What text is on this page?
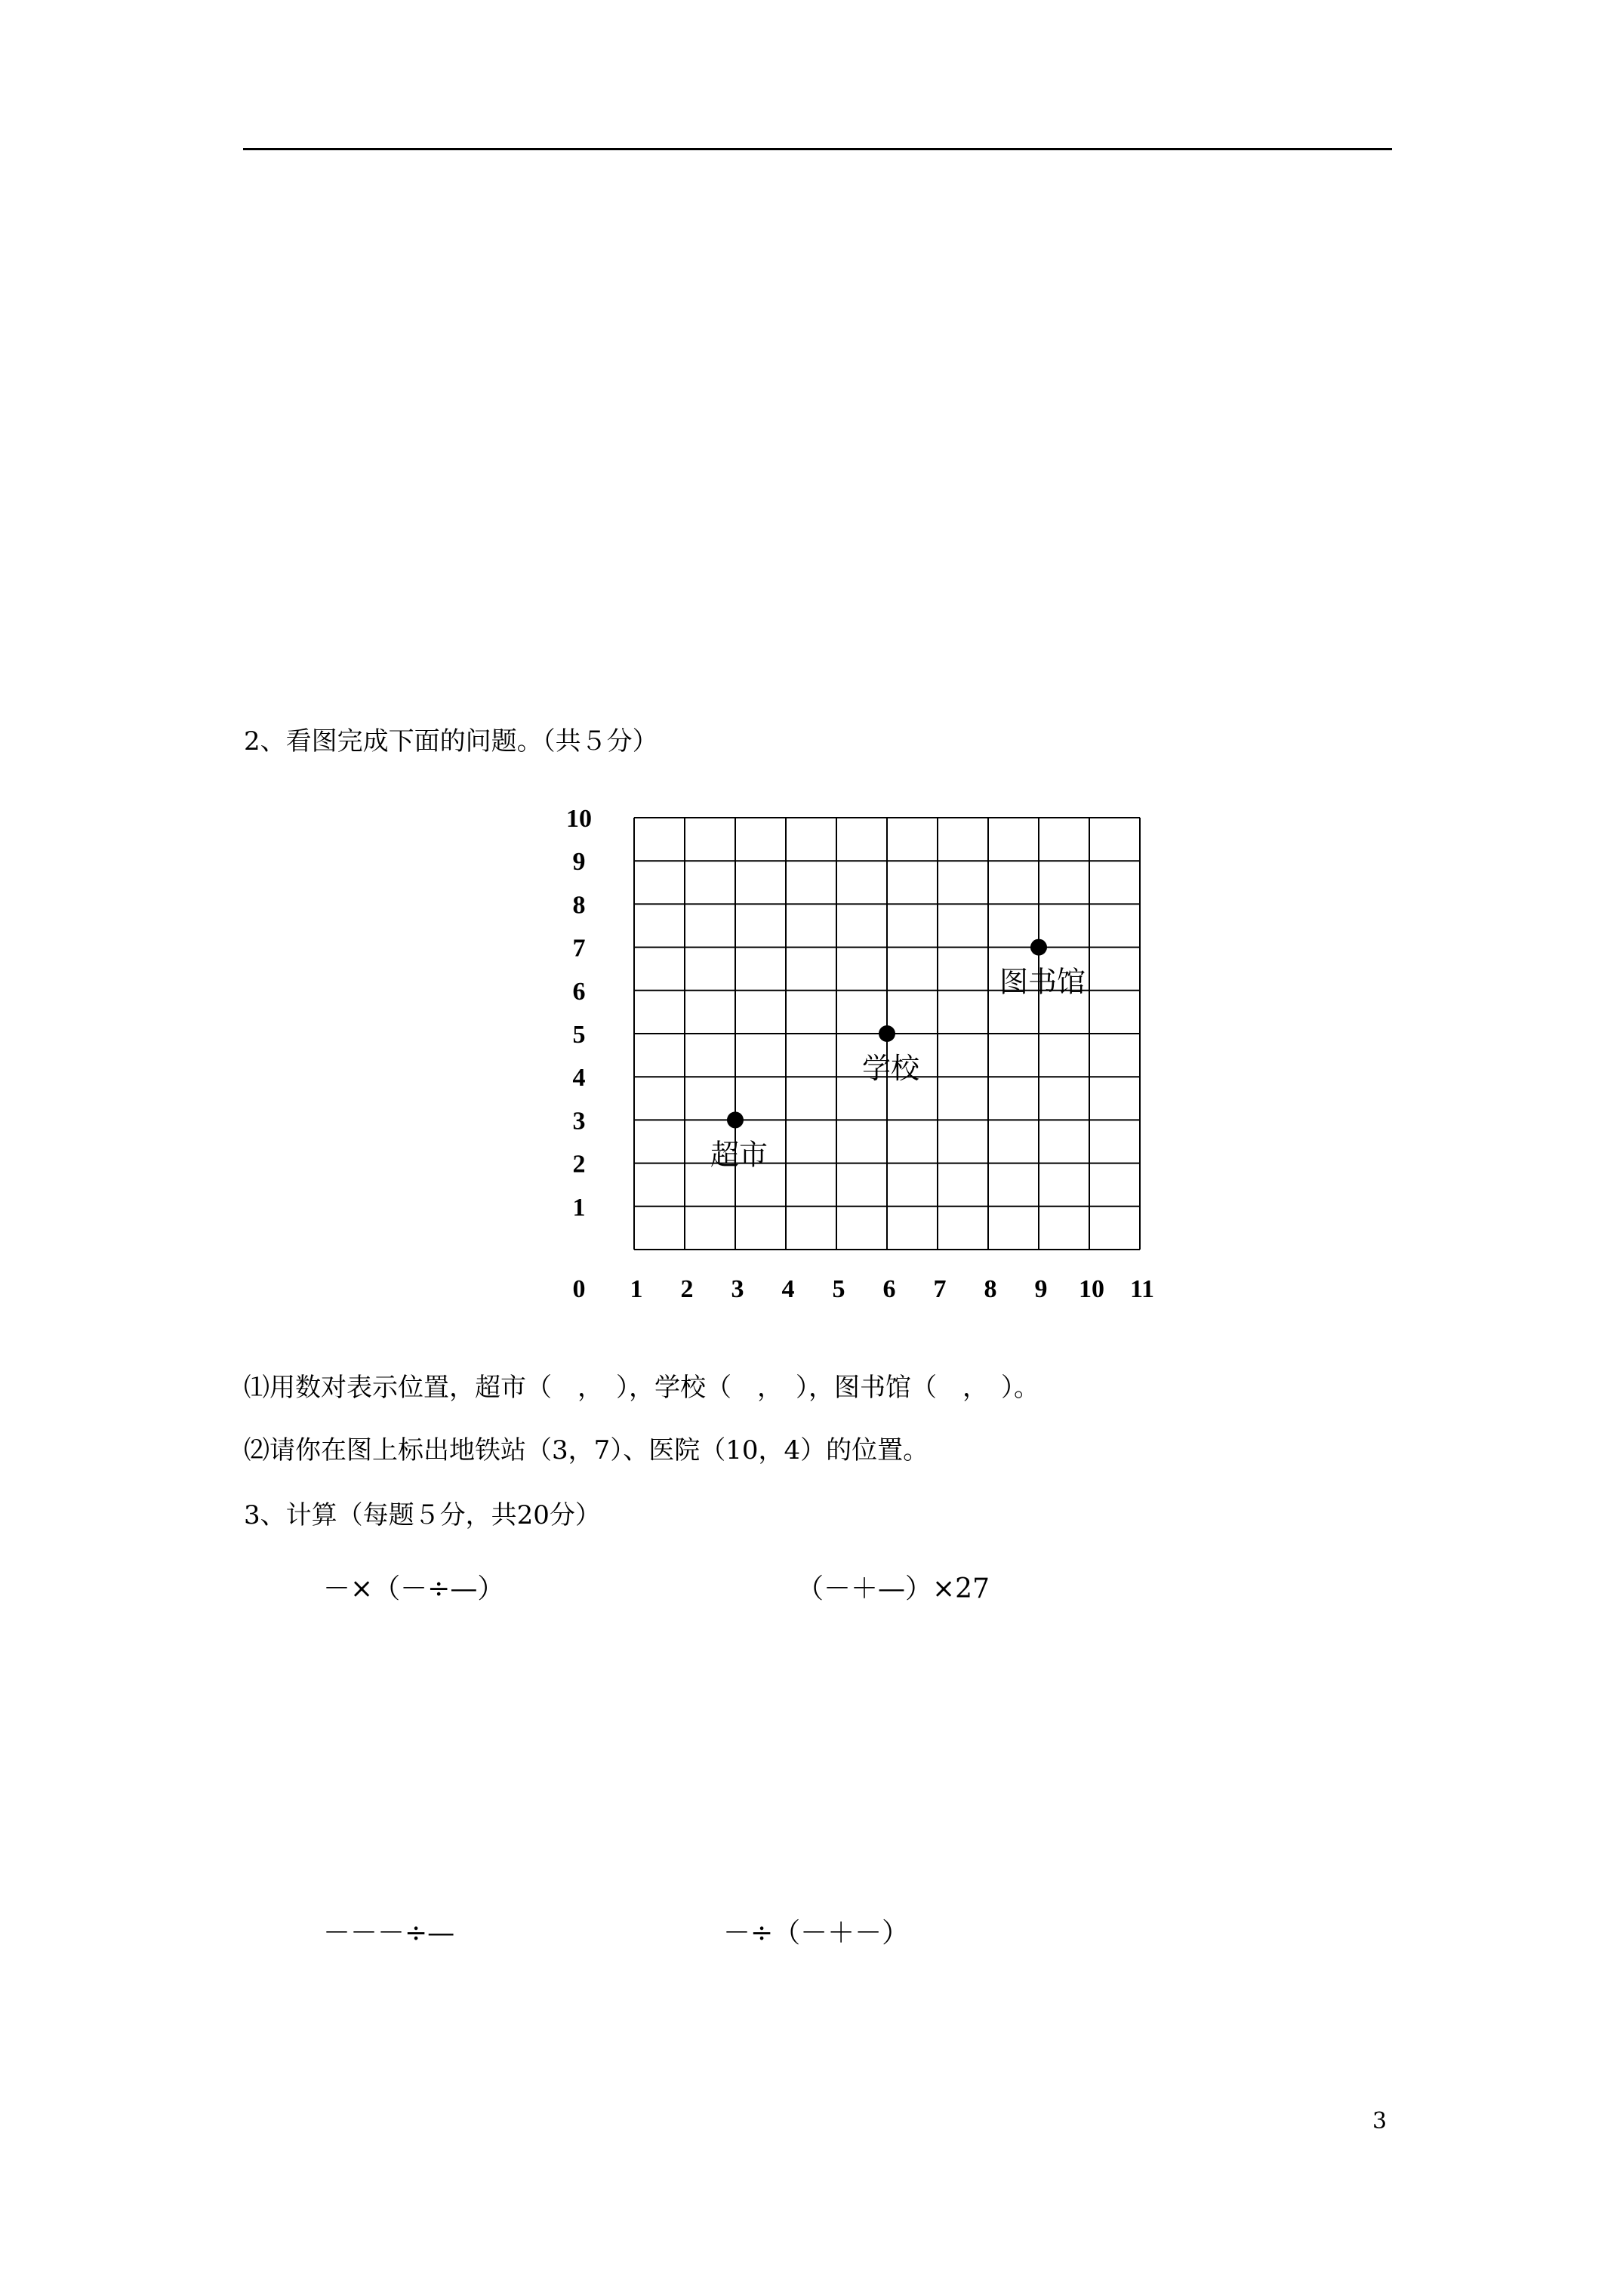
2、看图完成下面的问题。（共５分）
1
2
3
4
5
6
7
8
9
10
0 1 2 3 4 5 6 7 8 9 10 11
超市
学校
图书馆
⑴用数对表示位置，超市（　，　），学校（　，　），图书馆（　，　）。
⑵请你在图上标出地铁站（3，7）、医院（10，4）的位置。
3、计算（每题５分，共20分）
－×（－÷—）	（－＋—）×27
－－－÷—	－÷（－＋－）
3
